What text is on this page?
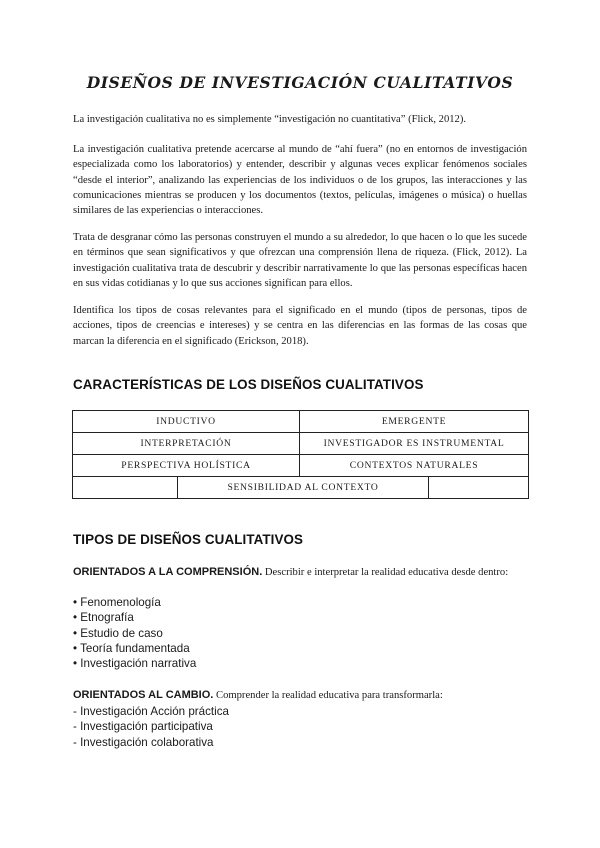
DISEÑOS DE INVESTIGACIÓN CUALITATIVOS
La investigación cualitativa no es simplemente “investigación no cuantitativa” (Flick, 2012).
La investigación cualitativa pretende acercarse al mundo de “ahí fuera” (no en entornos de investigación especializada como los laboratorios) y entender, describir y algunas veces explicar fenómenos sociales “desde el interior”, analizando las experiencias de los individuos o de los grupos, las interacciones y las comunicaciones mientras se producen y los documentos (textos, películas, imágenes o música) o huellas similares de las experiencias o interacciones.
Trata de desgranar cómo las personas construyen el mundo a su alrededor, lo que hacen o lo que les sucede en términos que sean significativos y que ofrezcan una comprensión llena de riqueza. (Flick, 2012). La investigación cualitativa trata de descubrir y describir narrativamente lo que las personas específicas hacen en sus vidas cotidianas y lo que sus acciones significan para ellos.
Identifica los tipos de cosas relevantes para el significado en el mundo (tipos de personas, tipos de acciones, tipos de creencias e intereses) y se centra en las diferencias en las formas de las cosas que marcan la diferencia en el significado (Erickson, 2018).
CARACTERÍSTICAS DE LOS DISEÑOS CUALITATIVOS
INDUCTIVO		EMERGENTE	
INTERPRETACIÓN		INVESTIGADOR ES INSTRUMENTAL	
PERSPECTIVA HOLÍSTICA		CONTEXTOS NATURALES	
	SENSIBILIDAD AL CONTEXTO		
TIPOS DE DISEÑOS CUALITATIVOS
ORIENTADOS A LA COMPRENSIÓN. Describir e interpretar la realidad educativa desde dentro:
• Fenomenología
• Etnografía
• Estudio de caso
• Teoría fundamentada
• Investigación narrativa
ORIENTADOS AL CAMBIO. Comprender la realidad educativa para transformarla:
- Investigación Acción práctica
- Investigación participativa
- Investigación colaborativa
